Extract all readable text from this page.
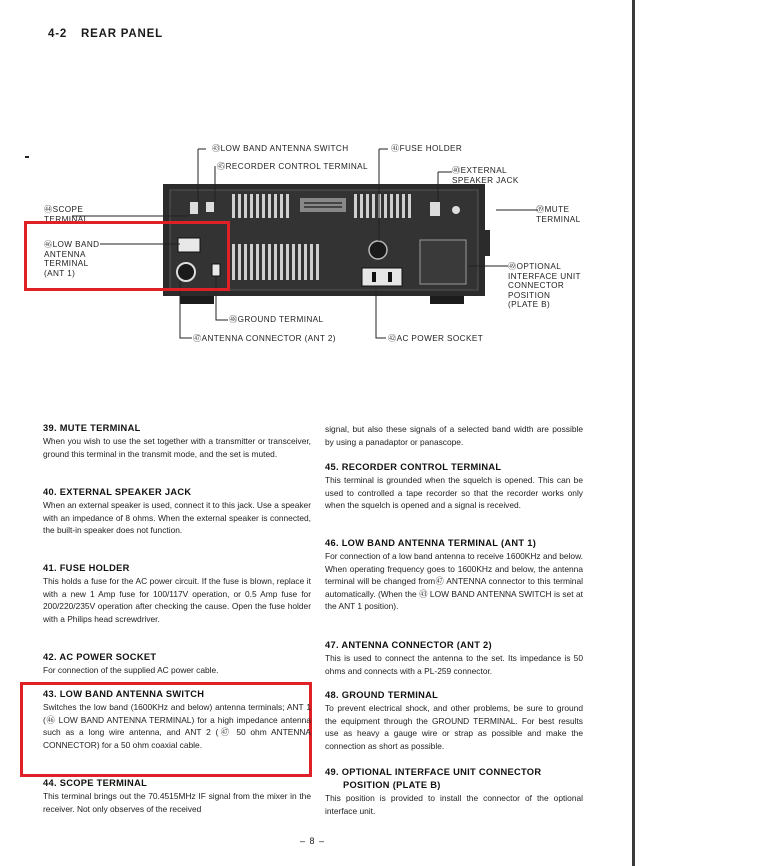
4-2 REAR PANEL
㊸LOW BAND ANTENNA SWITCH
㊺RECORDER CONTROL TERMINAL
㊶FUSE HOLDER
㊵EXTERNAL
SPEAKER JACK
㊹SCOPE
TERMINAL
㊴MUTE
TERMINAL
㊻LOW BAND
ANTENNA
TERMINAL
(ANT 1)
㊾OPTIONAL
INTERFACE UNIT
CONNECTOR
POSITION
(PLATE B)
㊽GROUND TERMINAL
㊼ANTENNA CONNECTOR (ANT 2)	㊷AC POWER SOCKET
39. MUTE TERMINAL

When you wish to use the set together with a transmitter or transceiver, ground this terminal in the transmit mode, and the set is muted.

40. EXTERNAL SPEAKER JACK

When an external speaker is used, connect it to this jack. Use a speaker with an impedance of 8 ohms. When the external speaker is connected, the built-in speaker does not function.

41. FUSE HOLDER

This holds a fuse for the AC power circuit. If the fuse is blown, replace it with a new 1 Amp fuse for 100/117V operation, or 0.5 Amp fuse for 200/220/235V operation after checking the cause. Open the fuse holder with a Philips head screwdriver.

42. AC POWER SOCKET

For connection of the supplied AC power cable.

43. LOW BAND ANTENNA SWITCH

Switches the low band (1600KHz and below) antenna terminals; ANT 1 (㊻ LOW BAND ANTENNA TERMINAL) for a high impedance antenna such as a long wire antenna, and ANT 2 (㊼ 50 ohm ANTENNA CONNECTOR) for a 50 ohm coaxial cable.

44. SCOPE TERMINAL

This terminal brings out the 70.4515MHz IF signal from the mixer in the receiver. Not only observes of the received

signal, but also these signals of a selected band width are possible by using a panadaptor or panascope.

45. RECORDER CONTROL TERMINAL

This terminal is grounded when the squelch is opened. This can be used to controlled a tape recorder so that the recorder works only when the squelch is opened and a signal is received.

46. LOW BAND ANTENNA TERMINAL (ANT 1)

For connection of a low band antenna to receive 1600KHz and below. When operating frequency goes to 1600KHz and below, the antenna terminal will be changed from㊼ ANTENNA connector to this terminal automatically. (When the ㊸ LOW BAND ANTENNA SWITCH is set at the ANT 1 position).

47. ANTENNA CONNECTOR (ANT 2)

This is used to connect the antenna to the set. Its impedance is 50 ohms and connects with a PL-259 connector.

48. GROUND TERMINAL

To prevent electrical shock, and other problems, be sure to ground the equipment through the GROUND TERMINAL. For best results use as heavy a gauge wire or strap as possible and make the connection as short as possible.

49. OPTIONAL INTERFACE UNIT CONNECTOR
POSITION (PLATE B)

This position is provided to install the connector of the optional interface unit.

– 8 –
